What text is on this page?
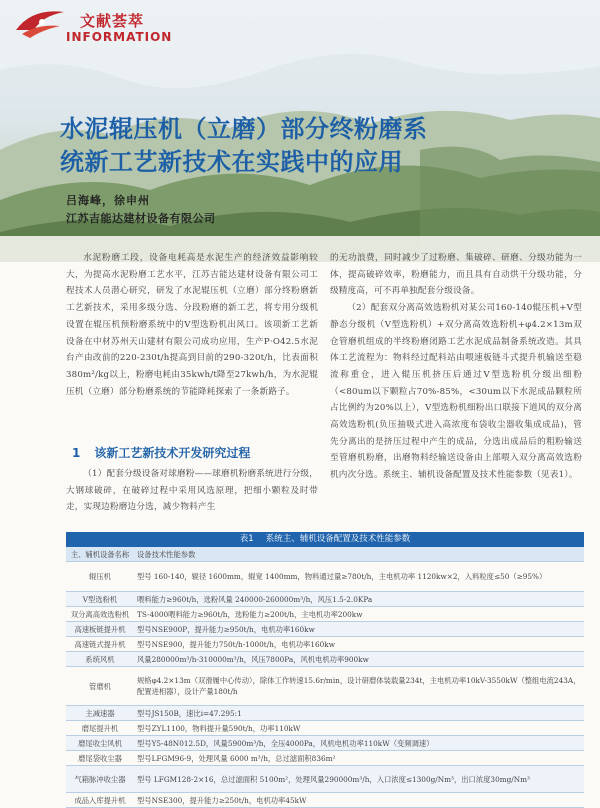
文献荟萃
INFORMATION
水泥辊压机（立磨）部分终粉磨系
统新工艺新技术在实践中的应用
吕海峰，徐申州
江苏吉能达建材设备有限公司

水泥粉磨工段，设备电耗高是水泥生产的经济效益影响较大，为提高水泥粉磨工艺水平，江苏吉能达建材设备有限公司工程技术人员潜心研究，研发了水泥辊压机（立磨）部分终粉磨新工艺新技术，采用多级分选、分段粉磨的新工艺，将专用分级机设置在辊压机预粉磨系统中的V型选粉机出风口。该项新工艺新设备在中材苏州天山建材有限公司成功应用，生产P·O42.5水泥台产由改前的220-230t/h提高到目前的290-320t/h，比表面积380m²/kg以上，粉磨电耗由35kwh/t降至27kwh/h，为水泥辊压机（立磨）部分粉磨系统的节能降耗探索了一条新路子。

1 该新工艺新技术开发研究过程

（1）配套分级设备对球磨粉——球磨机粉磨系统进行分级，大钢球破碎，在破碎过程中采用风选原理，把细小颗粒及时带走，实现边粉磨边分选，减少物料产生

的无功浪费，同时减少了过粉磨、集破碎、研磨、分级功能为一体，提高破碎效率，粉磨能力，而且具有自动烘干分级功能，分级精度高，可不再单独配套分级设备。

（2）配套双分离高效选粉机对某公司160-140辊压机+V型静态分级机（V型选粉机）+双分离高效选粉机+φ4.2×13m双仓管磨机组成的半终粉磨闭路工艺水泥成品制备系统改造。其具体工艺流程为：物料经过配料站由喂速板链斗式提升机输送至稳流称重仓，进入辊压机挤压后通过V型选粉机分级出细粉（<80um以下颗粒占70%-85%，<30um以下水泥成品颗粒所占比例约为20%以上），V型选粉机细粉出口联接下道风的双分离高效选粉机(负压抽吸式进入高浓度布袋收尘器收集成成品)，管先分离出的是挤压过程中产生的成品，分选出成品后的粗粉输送至管磨机粉磨，出磨物料经输送设备由上部喂入双分离高效选粉机内次分选。系统主、辅机设备配置及技术性能参数（见表1）。

表1 系统主、辅机设备配置及技术性能参数
主、辅机设备名称	设备技术性能参数
辊压机	型号 160-140，辊径 1600mm，辊宽 1400mm，物料通过量≥780t/h，主电机功率 1120kw×2，入料粒度≤50（≥95%）
V型选粉机	喂料能力≥960t/h，选粉风量 240000-260000m³/h，风压1.5-2.0KPa
双分离高效选粉机	TS-4000喂料能力≥960t/h，选粉能力≥200t/h，主电机功率200kw
高速板链提升机	型号NSE900P，提升能力≥950t/h，电机功率160kw
高速链式提升机	型号NSE900，提升能力750t/h-1000t/h，电机功率160kw
系统风机	风量280000m³/h-310000m³/h，风压7800Pa，风机电机功率900kw
管磨机	规格φ4.2×13m（双滑履中心传动），除体工作转速15.6r/min，设计研磨体装载量234t，主电机功率10kV-3550kW（整组电流243A，配置进相器），设计产量180t/h
主减速器	型号JS150B，速比i=47.295:1
磨尾提升机	型号ZYL1100，物料提升量590t/h，功率110kW
磨尾收尘风机	型号Y5-48N012.5D，风量5900m³/h，全压4000Pa，风机电机功率110kW（变频调速）
磨尾袋收尘器	型号LFGM96-9，处理风量 6000 m³/h，总过滤面积836m²
气箱脉冲收尘器	型号 LFGM128-2×16，总过滤面积 5100m²，处理风量290000m³/h，入口浓度≤1300g/Nm³，出口浓度30mg/Nm³
成品入库提升机	型号NSE300，提升能力≥250t/h，电机功率45kW
